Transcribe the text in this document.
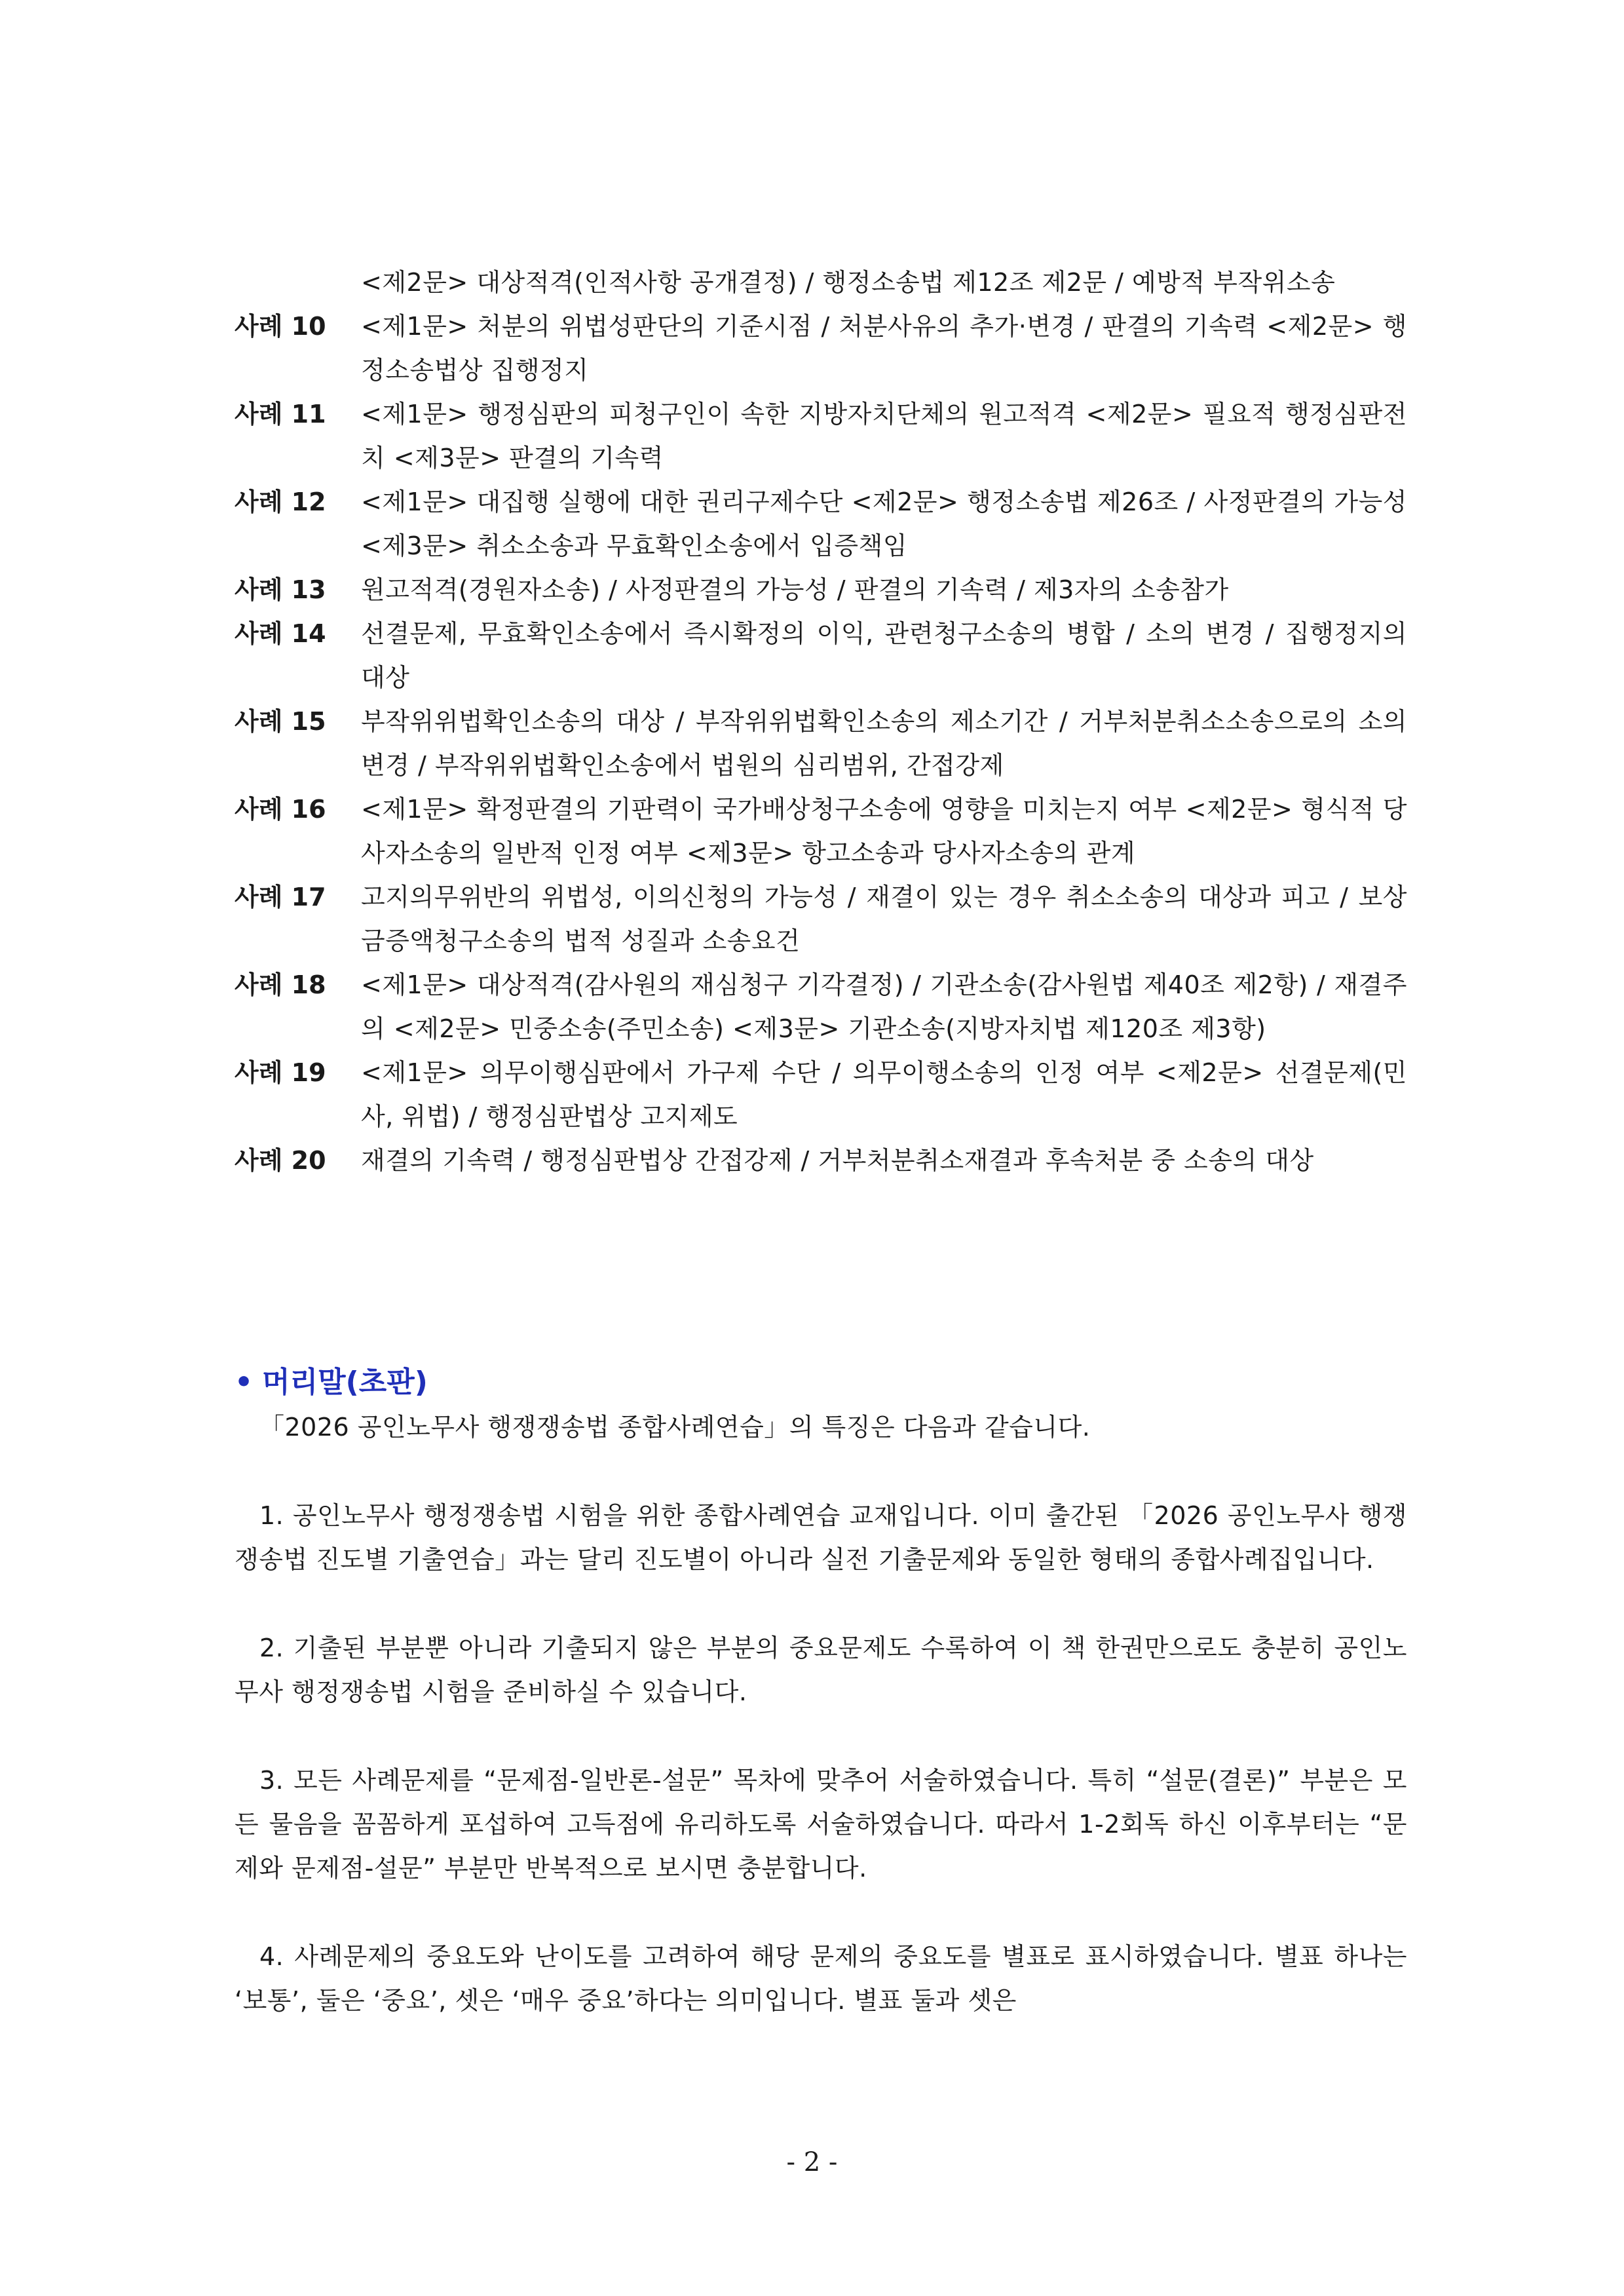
<제2문> 대상적격(인적사항 공개결정) / 행정소송법 제12조 제2문 / 예방적 부작위소송
사례 10	<제1문> 처분의 위법성판단의 기준시점 / 처분사유의 추가·변경 / 판결의 기속력 <제2문> 행정소송법상 집행정지
사례 11	<제1문> 행정심판의 피청구인이 속한 지방자치단체의 원고적격 <제2문> 필요적 행정심판전치 <제3문> 판결의 기속력
사례 12	<제1문> 대집행 실행에 대한 권리구제수단 <제2문> 행정소송법 제26조 / 사정판결의 가능성 <제3문> 취소소송과 무효확인소송에서 입증책임
사례 13	원고적격(경원자소송) / 사정판결의 가능성 / 판결의 기속력 / 제3자의 소송참가
사례 14	선결문제, 무효확인소송에서 즉시확정의 이익, 관련청구소송의 병합 / 소의 변경 / 집행정지의 대상
사례 15	부작위위법확인소송의 대상 / 부작위위법확인소송의 제소기간 / 거부처분취소소송으로의 소의 변경 / 부작위위법확인소송에서 법원의 심리범위, 간접강제
사례 16	<제1문> 확정판결의 기판력이 국가배상청구소송에 영향을 미치는지 여부 <제2문> 형식적 당사자소송의 일반적 인정 여부 <제3문> 항고소송과 당사자소송의 관계
사례 17	고지의무위반의 위법성, 이의신청의 가능성 / 재결이 있는 경우 취소소송의 대상과 피고 / 보상금증액청구소송의 법적 성질과 소송요건
사례 18	<제1문> 대상적격(감사원의 재심청구 기각결정) / 기관소송(감사원법 제40조 제2항) / 재결주의 <제2문> 민중소송(주민소송) <제3문> 기관소송(지방자치법 제120조 제3항)
사례 19	<제1문> 의무이행심판에서 가구제 수단 / 의무이행소송의 인정 여부 <제2문> 선결문제(민사, 위법) / 행정심판법상 고지제도
사례 20	재결의 기속력 / 행정심판법상 간접강제 / 거부처분취소재결과 후속처분 중 소송의 대상
• 머리말(초판)

「2026 공인노무사 행쟁쟁송법 종합사례연습」의 특징은 다음과 같습니다.

1. 공인노무사 행정쟁송법 시험을 위한 종합사례연습 교재입니다. 이미 출간된 「2026 공인노무사 행쟁쟁송법 진도별 기출연습」과는 달리 진도별이 아니라 실전 기출문제와 동일한 형태의 종합사례집입니다.

2. 기출된 부분뿐 아니라 기출되지 않은 부분의 중요문제도 수록하여 이 책 한권만으로도 충분히 공인노무사 행정쟁송법 시험을 준비하실 수 있습니다.

3. 모든 사례문제를 “문제점-일반론-설문” 목차에 맞추어 서술하였습니다. 특히 “설문(결론)” 부분은 모든 물음을 꼼꼼하게 포섭하여 고득점에 유리하도록 서술하였습니다. 따라서 1-2회독 하신 이후부터는 “문제와 문제점-설문” 부분만 반복적으로 보시면 충분합니다.

4. 사례문제의 중요도와 난이도를 고려하여 해당 문제의 중요도를 별표로 표시하였습니다. 별표 하나는 ‘보통’, 둘은 ‘중요’, 셋은 ‘매우 중요’하다는 의미입니다. 별표 둘과 셋은

- 2 -
